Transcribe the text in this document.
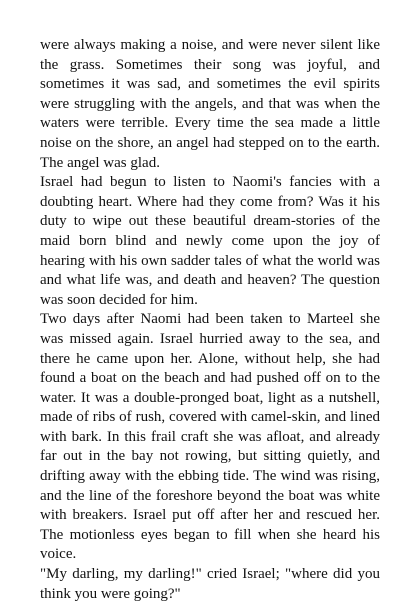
were always making a noise, and were never silent like the grass. Sometimes their song was joyful, and sometimes it was sad, and sometimes the evil spirits were struggling with the angels, and that was when the waters were terrible. Every time the sea made a little noise on the shore, an angel had stepped on to the earth. The angel was glad.

Israel had begun to listen to Naomi's fancies with a doubting heart. Where had they come from? Was it his duty to wipe out these beautiful dream-stories of the maid born blind and newly come upon the joy of hearing with his own sadder tales of what the world was and what life was, and death and heaven? The question was soon decided for him.

Two days after Naomi had been taken to Marteel she was missed again. Israel hurried away to the sea, and there he came upon her. Alone, without help, she had found a boat on the beach and had pushed off on to the water. It was a double-pronged boat, light as a nutshell, made of ribs of rush, covered with camel-skin, and lined with bark. In this frail craft she was afloat, and already far out in the bay not rowing, but sitting quietly, and drifting away with the ebbing tide. The wind was rising, and the line of the foreshore beyond the boat was white with breakers. Israel put off after her and rescued her. The motionless eyes began to fill when she heard his voice.

"My darling, my darling!" cried Israel; "where did you think you were going?"
